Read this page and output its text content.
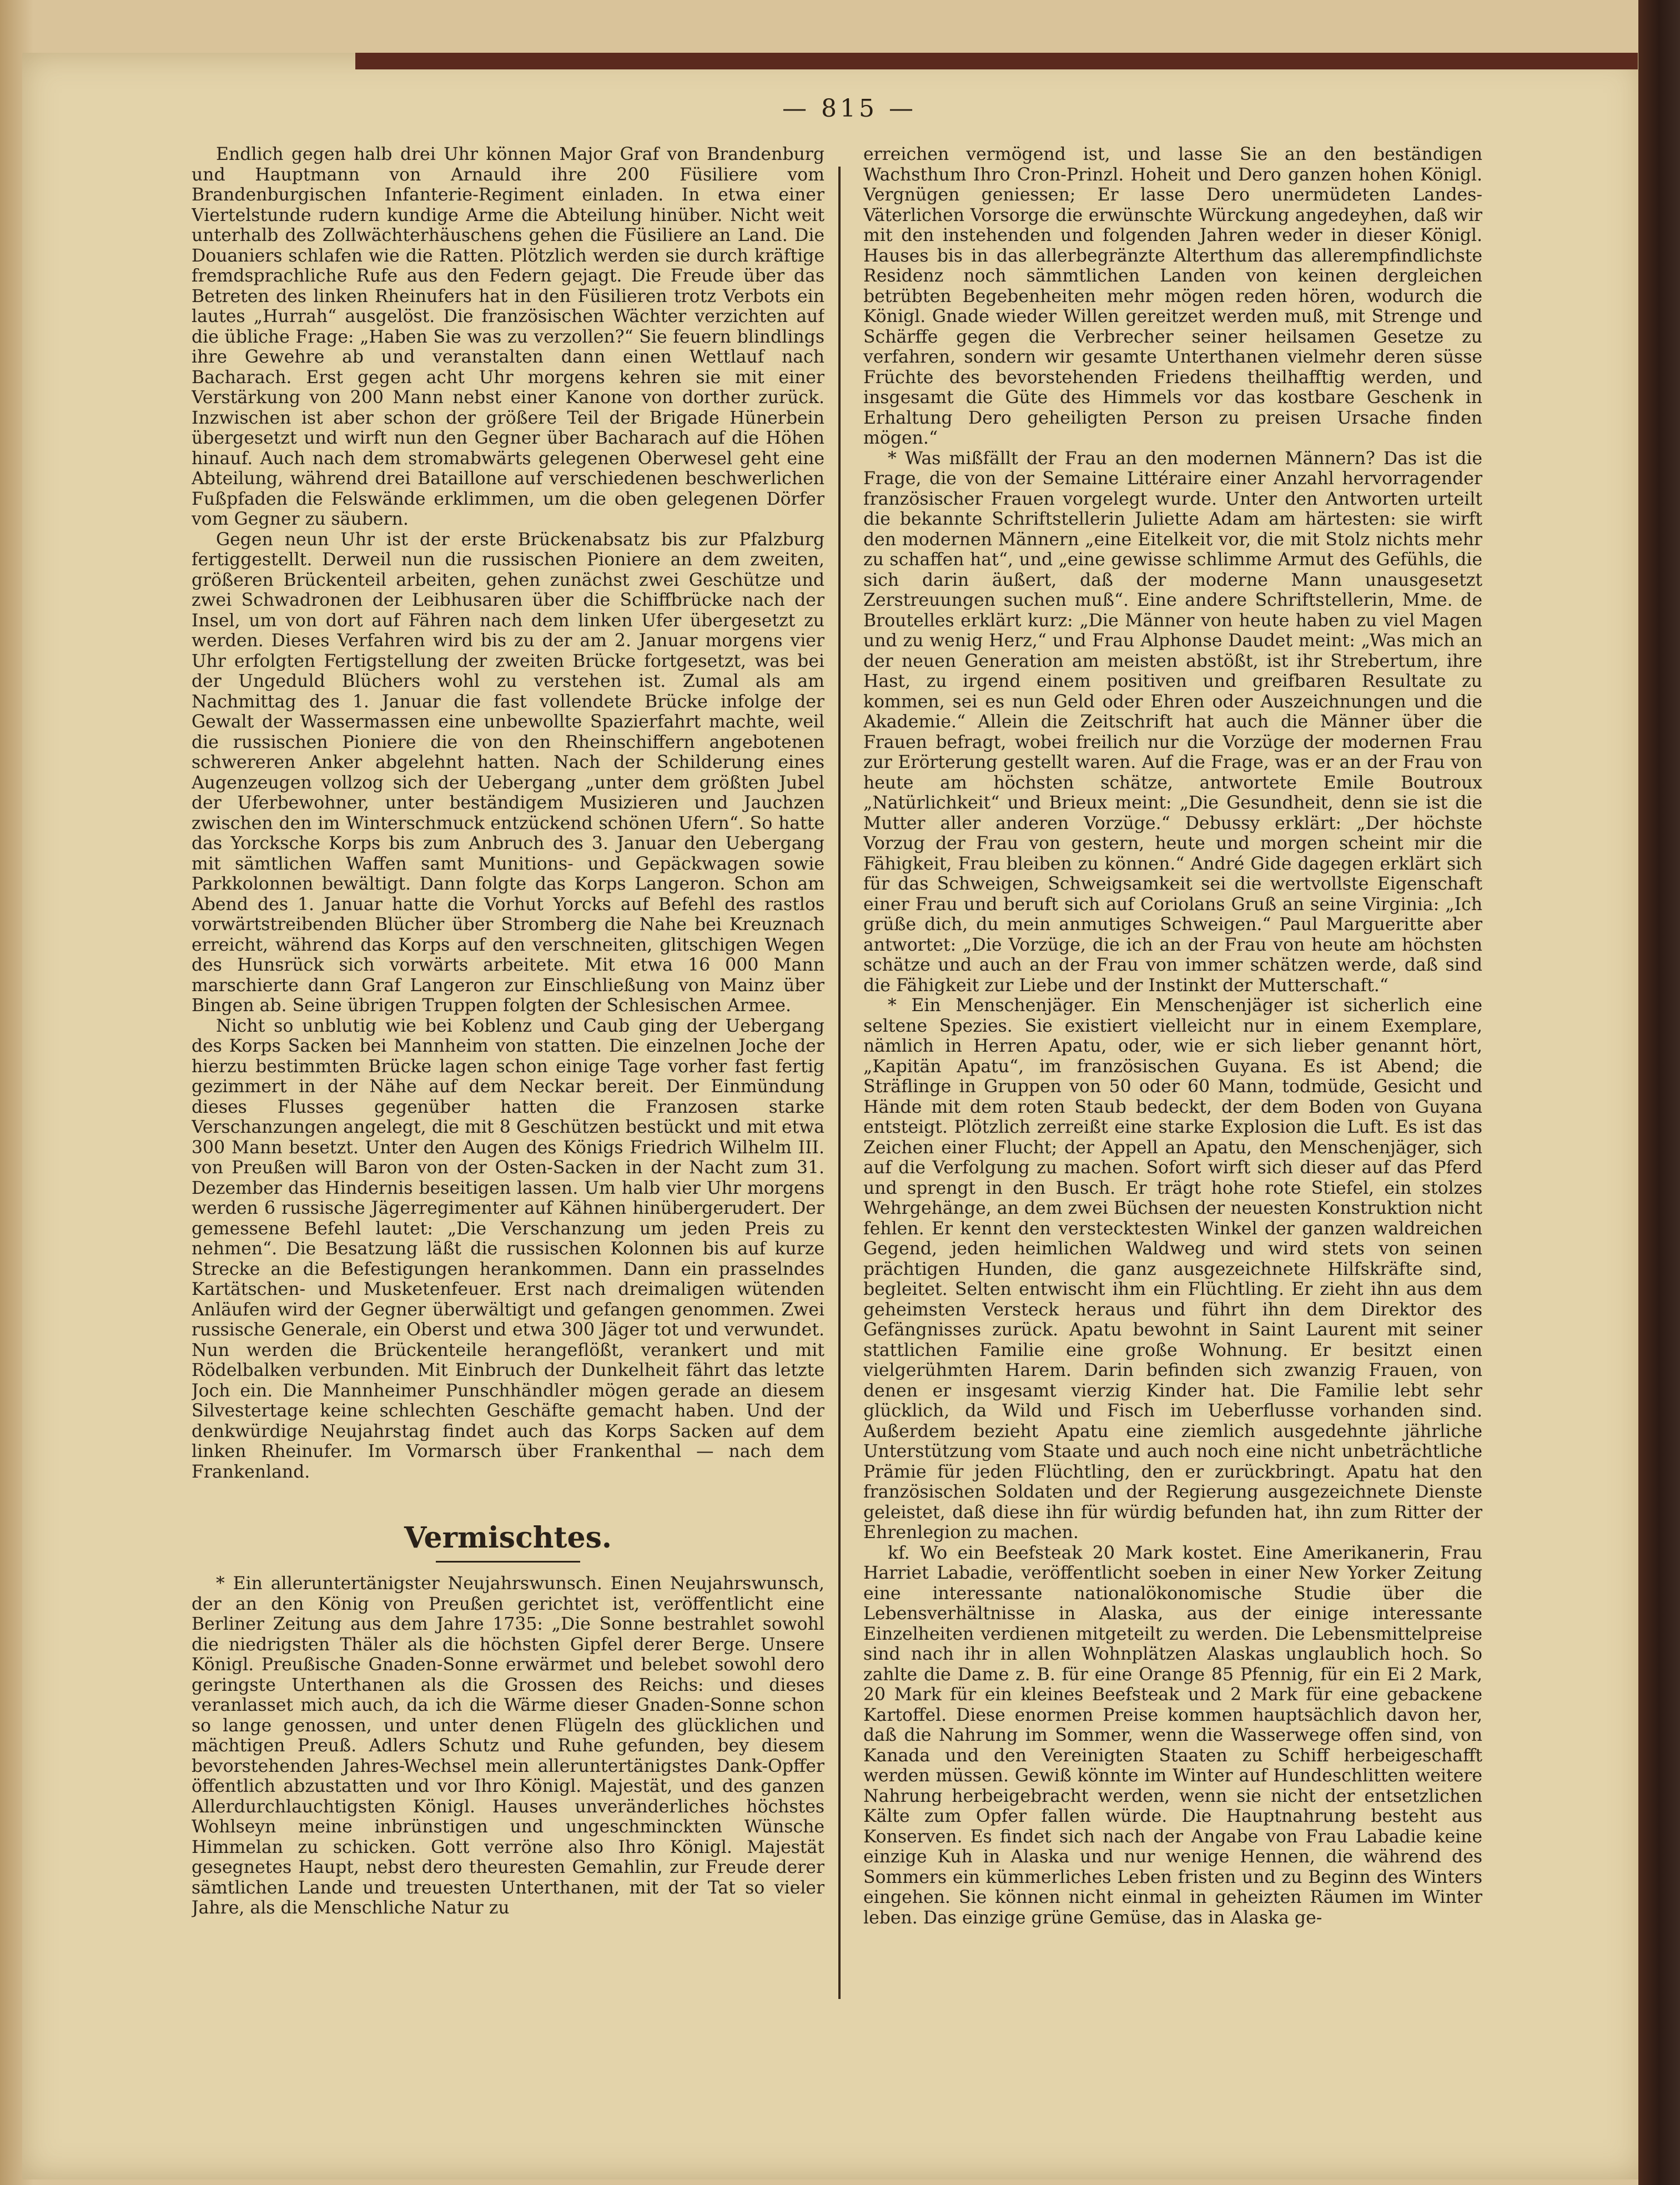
— 815 —

Endlich gegen halb drei Uhr können Major Graf von Brandenburg und Hauptmann von Arnauld ihre 200 Füsiliere vom Brandenburgischen Infanterie-Regiment einladen. In etwa einer Viertelstunde rudern kundige Arme die Abteilung hinüber. Nicht weit unterhalb des Zollwächterhäuschens gehen die Füsiliere an Land. Die Douaniers schlafen wie die Ratten. Plötzlich werden sie durch kräftige fremdsprachliche Rufe aus den Federn gejagt. Die Freude über das Betreten des linken Rheinufers hat in den Füsilieren trotz Verbots ein lautes „Hurrah“ ausgelöst. Die französischen Wächter verzichten auf die übliche Frage: „Haben Sie was zu verzollen?“ Sie feuern blindlings ihre Gewehre ab und veranstalten dann einen Wettlauf nach Bacharach. Erst gegen acht Uhr morgens kehren sie mit einer Verstärkung von 200 Mann nebst einer Kanone von dorther zurück. Inzwischen ist aber schon der größere Teil der Brigade Hünerbein übergesetzt und wirft nun den Gegner über Bacharach auf die Höhen hinauf. Auch nach dem stromabwärts gelegenen Oberwesel geht eine Abteilung, während drei Bataillone auf verschiedenen beschwerlichen Fußpfaden die Felswände erklimmen, um die oben gelegenen Dörfer vom Gegner zu säubern.

Gegen neun Uhr ist der erste Brückenabsatz bis zur Pfalzburg fertiggestellt. Derweil nun die russischen Pioniere an dem zweiten, größeren Brückenteil arbeiten, gehen zunächst zwei Geschütze und zwei Schwadronen der Leibhusaren über die Schiffbrücke nach der Insel, um von dort auf Fähren nach dem linken Ufer übergesetzt zu werden. Dieses Verfahren wird bis zu der am 2. Januar morgens vier Uhr erfolgten Fertigstellung der zweiten Brücke fortgesetzt, was bei der Ungeduld Blüchers wohl zu verstehen ist. Zumal als am Nachmittag des 1. Januar die fast vollendete Brücke infolge der Gewalt der Wassermassen eine unbewollte Spazierfahrt machte, weil die russischen Pioniere die von den Rheinschiffern angebotenen schwereren Anker abgelehnt hatten. Nach der Schilderung eines Augenzeugen vollzog sich der Uebergang „unter dem größten Jubel der Uferbewohner, unter beständigem Musizieren und Jauchzen zwischen den im Winterschmuck entzückend schönen Ufern“. So hatte das Yorcksche Korps bis zum Anbruch des 3. Januar den Uebergang mit sämtlichen Waffen samt Munitions- und Gepäckwagen sowie Parkkolonnen bewältigt. Dann folgte das Korps Langeron. Schon am Abend des 1. Januar hatte die Vorhut Yorcks auf Befehl des rastlos vorwärtstreibenden Blücher über Stromberg die Nahe bei Kreuznach erreicht, während das Korps auf den verschneiten, glitschigen Wegen des Hunsrück sich vorwärts arbeitete. Mit etwa 16 000 Mann marschierte dann Graf Langeron zur Einschließung von Mainz über Bingen ab. Seine übrigen Truppen folgten der Schlesischen Armee.

Nicht so unblutig wie bei Koblenz und Caub ging der Uebergang des Korps Sacken bei Mannheim von statten. Die einzelnen Joche der hierzu bestimmten Brücke lagen schon einige Tage vorher fast fertig gezimmert in der Nähe auf dem Neckar bereit. Der Einmündung dieses Flusses gegenüber hatten die Franzosen starke Verschanzungen angelegt, die mit 8 Geschützen bestückt und mit etwa 300 Mann besetzt. Unter den Augen des Königs Friedrich Wilhelm III. von Preußen will Baron von der Osten-Sacken in der Nacht zum 31. Dezember das Hindernis beseitigen lassen. Um halb vier Uhr morgens werden 6 russische Jägerregimenter auf Kähnen hinübergerudert. Der gemessene Befehl lautet: „Die Verschanzung um jeden Preis zu nehmen“. Die Besatzung läßt die russischen Kolonnen bis auf kurze Strecke an die Befestigungen herankommen. Dann ein prasselndes Kartätschen- und Musketenfeuer. Erst nach dreimaligen wütenden Anläufen wird der Gegner überwältigt und gefangen genommen. Zwei russische Generale, ein Oberst und etwa 300 Jäger tot und verwundet. Nun werden die Brückenteile herangeflößt, verankert und mit Rödelbalken verbunden. Mit Einbruch der Dunkelheit fährt das letzte Joch ein. Die Mannheimer Punschhändler mögen gerade an diesem Silvestertage keine schlechten Geschäfte gemacht haben. Und der denkwürdige Neujahrstag findet auch das Korps Sacken auf dem linken Rheinufer. Im Vormarsch über Frankenthal — nach dem Frankenland.

Vermischtes.

* Ein alleruntertänigster Neujahrswunsch. Einen Neujahrswunsch, der an den König von Preußen gerichtet ist, veröffentlicht eine Berliner Zeitung aus dem Jahre 1735: „Die Sonne bestrahlet sowohl die niedrigsten Thäler als die höchsten Gipfel derer Berge. Unsere Königl. Preußische Gnaden-Sonne erwärmet und belebet sowohl dero geringste Unterthanen als die Grossen des Reichs: und dieses veranlasset mich auch, da ich die Wärme dieser Gnaden-Sonne schon so lange genossen, und unter denen Flügeln des glücklichen und mächtigen Preuß. Adlers Schutz und Ruhe gefunden, bey diesem bevorstehenden Jahres-Wechsel mein alleruntertänigstes Dank-Opffer öffentlich abzustatten und vor Ihro Königl. Majestät, und des ganzen Allerdurchlauchtigsten Königl. Hauses unveränderliches höchstes Wohlseyn meine inbrünstigen und ungeschminckten Wünsche Himmelan zu schicken. Gott verröne also Ihro Königl. Majestät gesegnetes Haupt, nebst dero theuresten Gemahlin, zur Freude derer sämtlichen Lande und treuesten Unterthanen, mit der Tat so vieler Jahre, als die Menschliche Natur zu

erreichen vermögend ist, und lasse Sie an den beständigen Wachsthum Ihro Cron-Prinzl. Hoheit und Dero ganzen hohen Königl. Vergnügen geniessen; Er lasse Dero unermüdeten Landes-Väterlichen Vorsorge die erwünschte Würckung angedeyhen, daß wir mit den instehenden und folgenden Jahren weder in dieser Königl. Hauses bis in das allerbegränzte Alterthum das allerempfindlichste Residenz noch sämmtlichen Landen von keinen dergleichen betrübten Begebenheiten mehr mögen reden hören, wodurch die Königl. Gnade wieder Willen gereitzet werden muß, mit Strenge und Schärffe gegen die Verbrecher seiner heilsamen Gesetze zu verfahren, sondern wir gesamte Unterthanen vielmehr deren süsse Früchte des bevorstehenden Friedens theilhafftig werden, und insgesamt die Güte des Himmels vor das kostbare Geschenk in Erhaltung Dero geheiligten Person zu preisen Ursache finden mögen.“

* Was mißfällt der Frau an den modernen Männern? Das ist die Frage, die von der Semaine Littéraire einer Anzahl hervorragender französischer Frauen vorgelegt wurde. Unter den Antworten urteilt die bekannte Schriftstellerin Juliette Adam am härtesten: sie wirft den modernen Männern „eine Eitelkeit vor, die mit Stolz nichts mehr zu schaffen hat“, und „eine gewisse schlimme Armut des Gefühls, die sich darin äußert, daß der moderne Mann unausgesetzt Zerstreuungen suchen muß“. Eine andere Schriftstellerin, Mme. de Broutelles erklärt kurz: „Die Männer von heute haben zu viel Magen und zu wenig Herz,“ und Frau Alphonse Daudet meint: „Was mich an der neuen Generation am meisten abstößt, ist ihr Strebertum, ihre Hast, zu irgend einem positiven und greifbaren Resultate zu kommen, sei es nun Geld oder Ehren oder Auszeichnungen und die Akademie.“ Allein die Zeitschrift hat auch die Männer über die Frauen befragt, wobei freilich nur die Vorzüge der modernen Frau zur Erörterung gestellt waren. Auf die Frage, was er an der Frau von heute am höchsten schätze, antwortete Emile Boutroux „Natürlichkeit“ und Brieux meint: „Die Gesundheit, denn sie ist die Mutter aller anderen Vorzüge.“ Debussy erklärt: „Der höchste Vorzug der Frau von gestern, heute und morgen scheint mir die Fähigkeit, Frau bleiben zu können.“ André Gide dagegen erklärt sich für das Schweigen, Schweigsamkeit sei die wertvollste Eigenschaft einer Frau und beruft sich auf Coriolans Gruß an seine Virginia: „Ich grüße dich, du mein anmutiges Schweigen.“ Paul Margueritte aber antwortet: „Die Vorzüge, die ich an der Frau von heute am höchsten schätze und auch an der Frau von immer schätzen werde, daß sind die Fähigkeit zur Liebe und der Instinkt der Mutterschaft.“

* Ein Menschenjäger. Ein Menschenjäger ist sicherlich eine seltene Spezies. Sie existiert vielleicht nur in einem Exemplare, nämlich in Herren Apatu, oder, wie er sich lieber genannt hört, „Kapitän Apatu“, im französischen Guyana. Es ist Abend; die Sträflinge in Gruppen von 50 oder 60 Mann, todmüde, Gesicht und Hände mit dem roten Staub bedeckt, der dem Boden von Guyana entsteigt. Plötzlich zerreißt eine starke Explosion die Luft. Es ist das Zeichen einer Flucht; der Appell an Apatu, den Menschenjäger, sich auf die Verfolgung zu machen. Sofort wirft sich dieser auf das Pferd und sprengt in den Busch. Er trägt hohe rote Stiefel, ein stolzes Wehrgehänge, an dem zwei Büchsen der neuesten Konstruktion nicht fehlen. Er kennt den verstecktesten Winkel der ganzen waldreichen Gegend, jeden heimlichen Waldweg und wird stets von seinen prächtigen Hunden, die ganz ausgezeichnete Hilfskräfte sind, begleitet. Selten entwischt ihm ein Flüchtling. Er zieht ihn aus dem geheimsten Versteck heraus und führt ihn dem Direktor des Gefängnisses zurück. Apatu bewohnt in Saint Laurent mit seiner stattlichen Familie eine große Wohnung. Er besitzt einen vielgerühmten Harem. Darin befinden sich zwanzig Frauen, von denen er insgesamt vierzig Kinder hat. Die Familie lebt sehr glücklich, da Wild und Fisch im Ueberflusse vorhanden sind. Außerdem bezieht Apatu eine ziemlich ausgedehnte jährliche Unterstützung vom Staate und auch noch eine nicht unbeträchtliche Prämie für jeden Flüchtling, den er zurückbringt. Apatu hat den französischen Soldaten und der Regierung ausgezeichnete Dienste geleistet, daß diese ihn für würdig befunden hat, ihn zum Ritter der Ehrenlegion zu machen.

kf. Wo ein Beefsteak 20 Mark kostet. Eine Amerikanerin, Frau Harriet Labadie, veröffentlicht soeben in einer New Yorker Zeitung eine interessante nationalökonomische Studie über die Lebensverhältnisse in Alaska, aus der einige interessante Einzelheiten verdienen mitgeteilt zu werden. Die Lebensmittelpreise sind nach ihr in allen Wohnplätzen Alaskas unglaublich hoch. So zahlte die Dame z. B. für eine Orange 85 Pfennig, für ein Ei 2 Mark, 20 Mark für ein kleines Beefsteak und 2 Mark für eine gebackene Kartoffel. Diese enormen Preise kommen hauptsächlich davon her, daß die Nahrung im Sommer, wenn die Wasserwege offen sind, von Kanada und den Vereinigten Staaten zu Schiff herbeigeschafft werden müssen. Gewiß könnte im Winter auf Hundeschlitten weitere Nahrung herbeigebracht werden, wenn sie nicht der entsetzlichen Kälte zum Opfer fallen würde. Die Hauptnahrung besteht aus Konserven. Es findet sich nach der Angabe von Frau Labadie keine einzige Kuh in Alaska und nur wenige Hennen, die während des Sommers ein kümmerliches Leben fristen und zu Beginn des Winters eingehen. Sie können nicht einmal in geheizten Räumen im Winter leben. Das einzige grüne Gemüse, das in Alaska ge-
